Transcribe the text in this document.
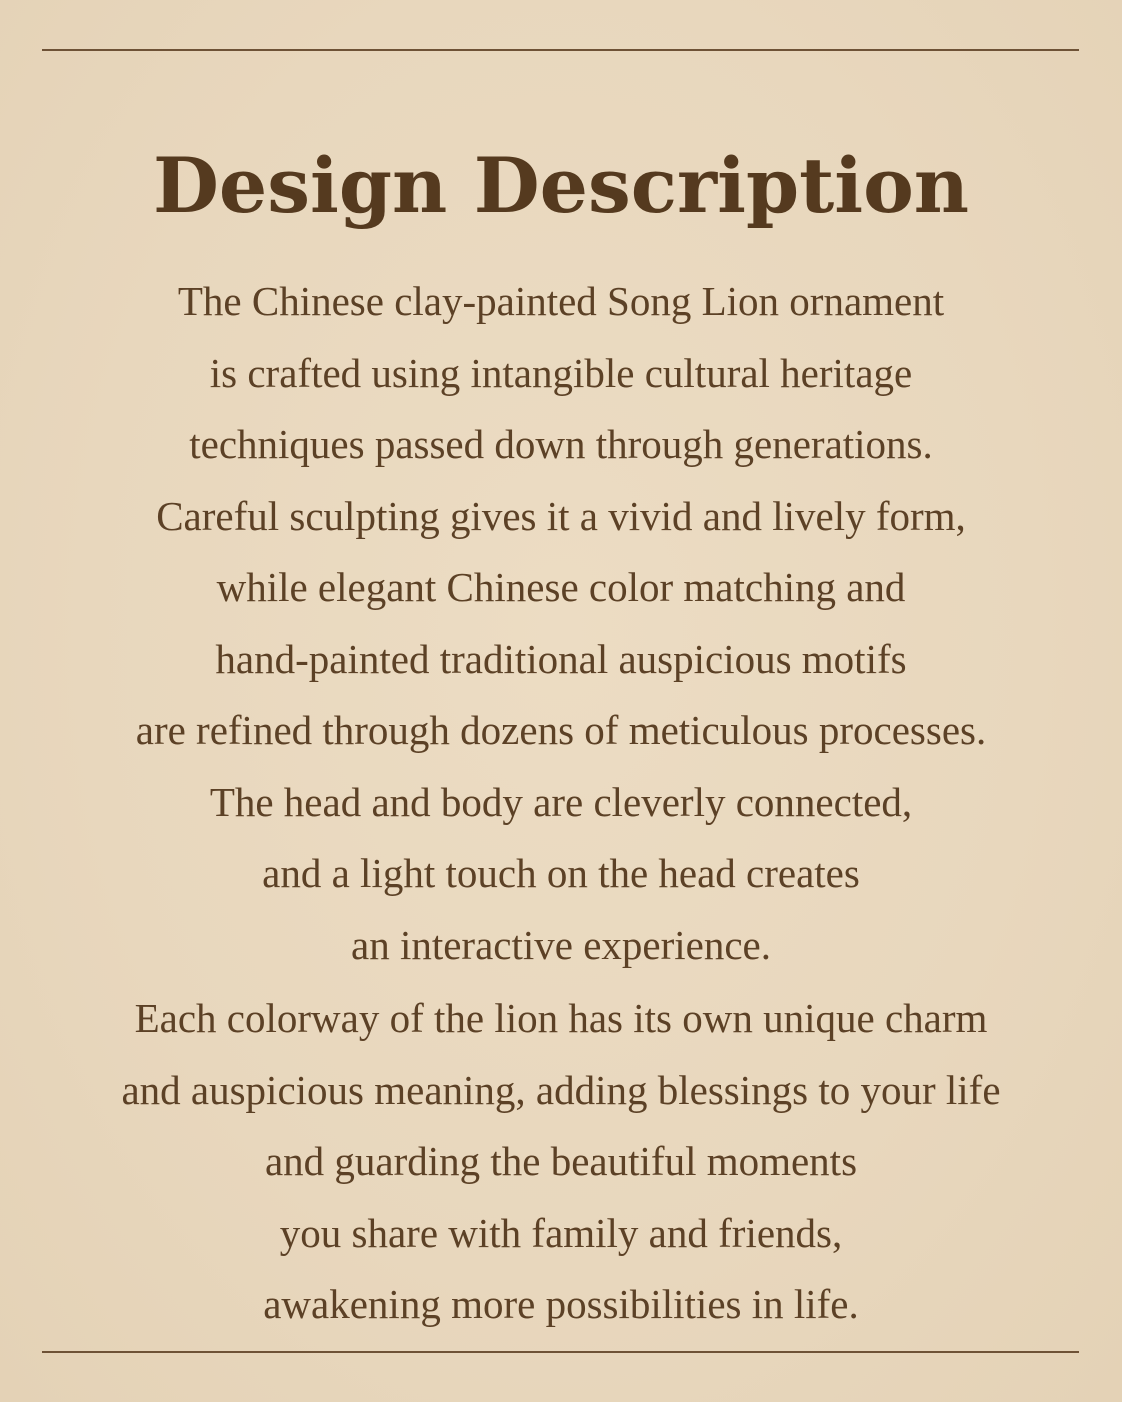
Design Description
The Chinese clay-painted Song Lion ornament
is crafted using intangible cultural heritage
techniques passed down through generations.
Careful sculpting gives it a vivid and lively form,
while elegant Chinese color matching and
hand-painted traditional auspicious motifs
are refined through dozens of meticulous processes.
The head and body are cleverly connected,
and a light touch on the head creates
an interactive experience.
Each colorway of the lion has its own unique charm
and auspicious meaning, adding blessings to your life
and guarding the beautiful moments
you share with family and friends,
awakening more possibilities in life.
